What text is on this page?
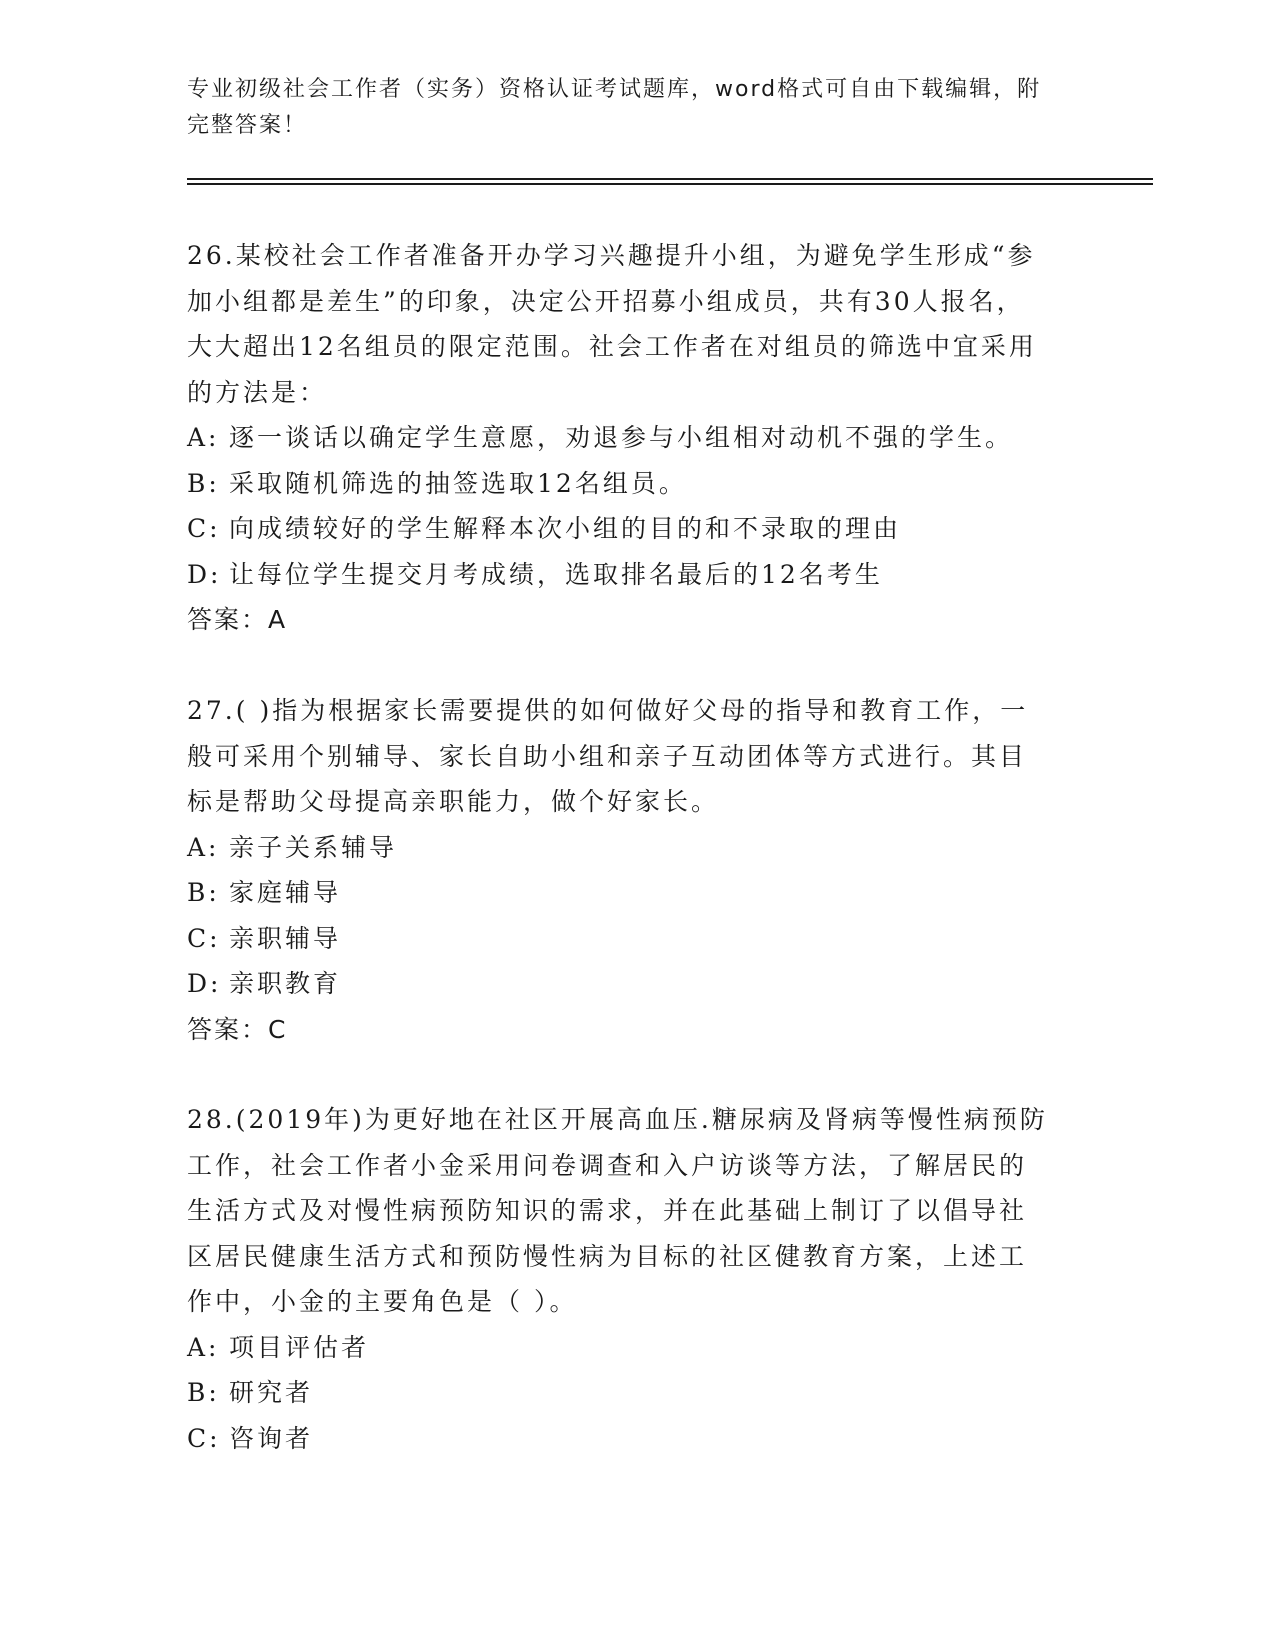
专业初级社会工作者（实务）资格认证考试题库，word格式可自由下载编辑，附
完整答案！
26.某校社会工作者准备开办学习兴趣提升小组，为避免学生形成“参
加小组都是差生”的印象，决定公开招募小组成员，共有30人报名，
大大超出12名组员的限定范围。社会工作者在对组员的筛选中宜采用
的方法是：
A: 逐一谈话以确定学生意愿，劝退参与小组相对动机不强的学生。
B: 采取随机筛选的抽签选取12名组员。
C: 向成绩较好的学生解释本次小组的目的和不录取的理由
D: 让每位学生提交月考成绩，选取排名最后的12名考生
答案：A
27.( )指为根据家长需要提供的如何做好父母的指导和教育工作，一
般可采用个别辅导、家长自助小组和亲子互动团体等方式进行。其目
标是帮助父母提高亲职能力，做个好家长。
A: 亲子关系辅导
B: 家庭辅导
C: 亲职辅导
D: 亲职教育
答案：C
28.(2019年)为更好地在社区开展高血压.糖尿病及肾病等慢性病预防
工作，社会工作者小金采用问卷调查和入户访谈等方法，了解居民的
生活方式及对慢性病预防知识的需求，并在此基础上制订了以倡导社
区居民健康生活方式和预防慢性病为目标的社区健教育方案，上述工
作中，小金的主要角色是（ ）。
A: 项目评估者
B: 研究者
C: 咨询者
